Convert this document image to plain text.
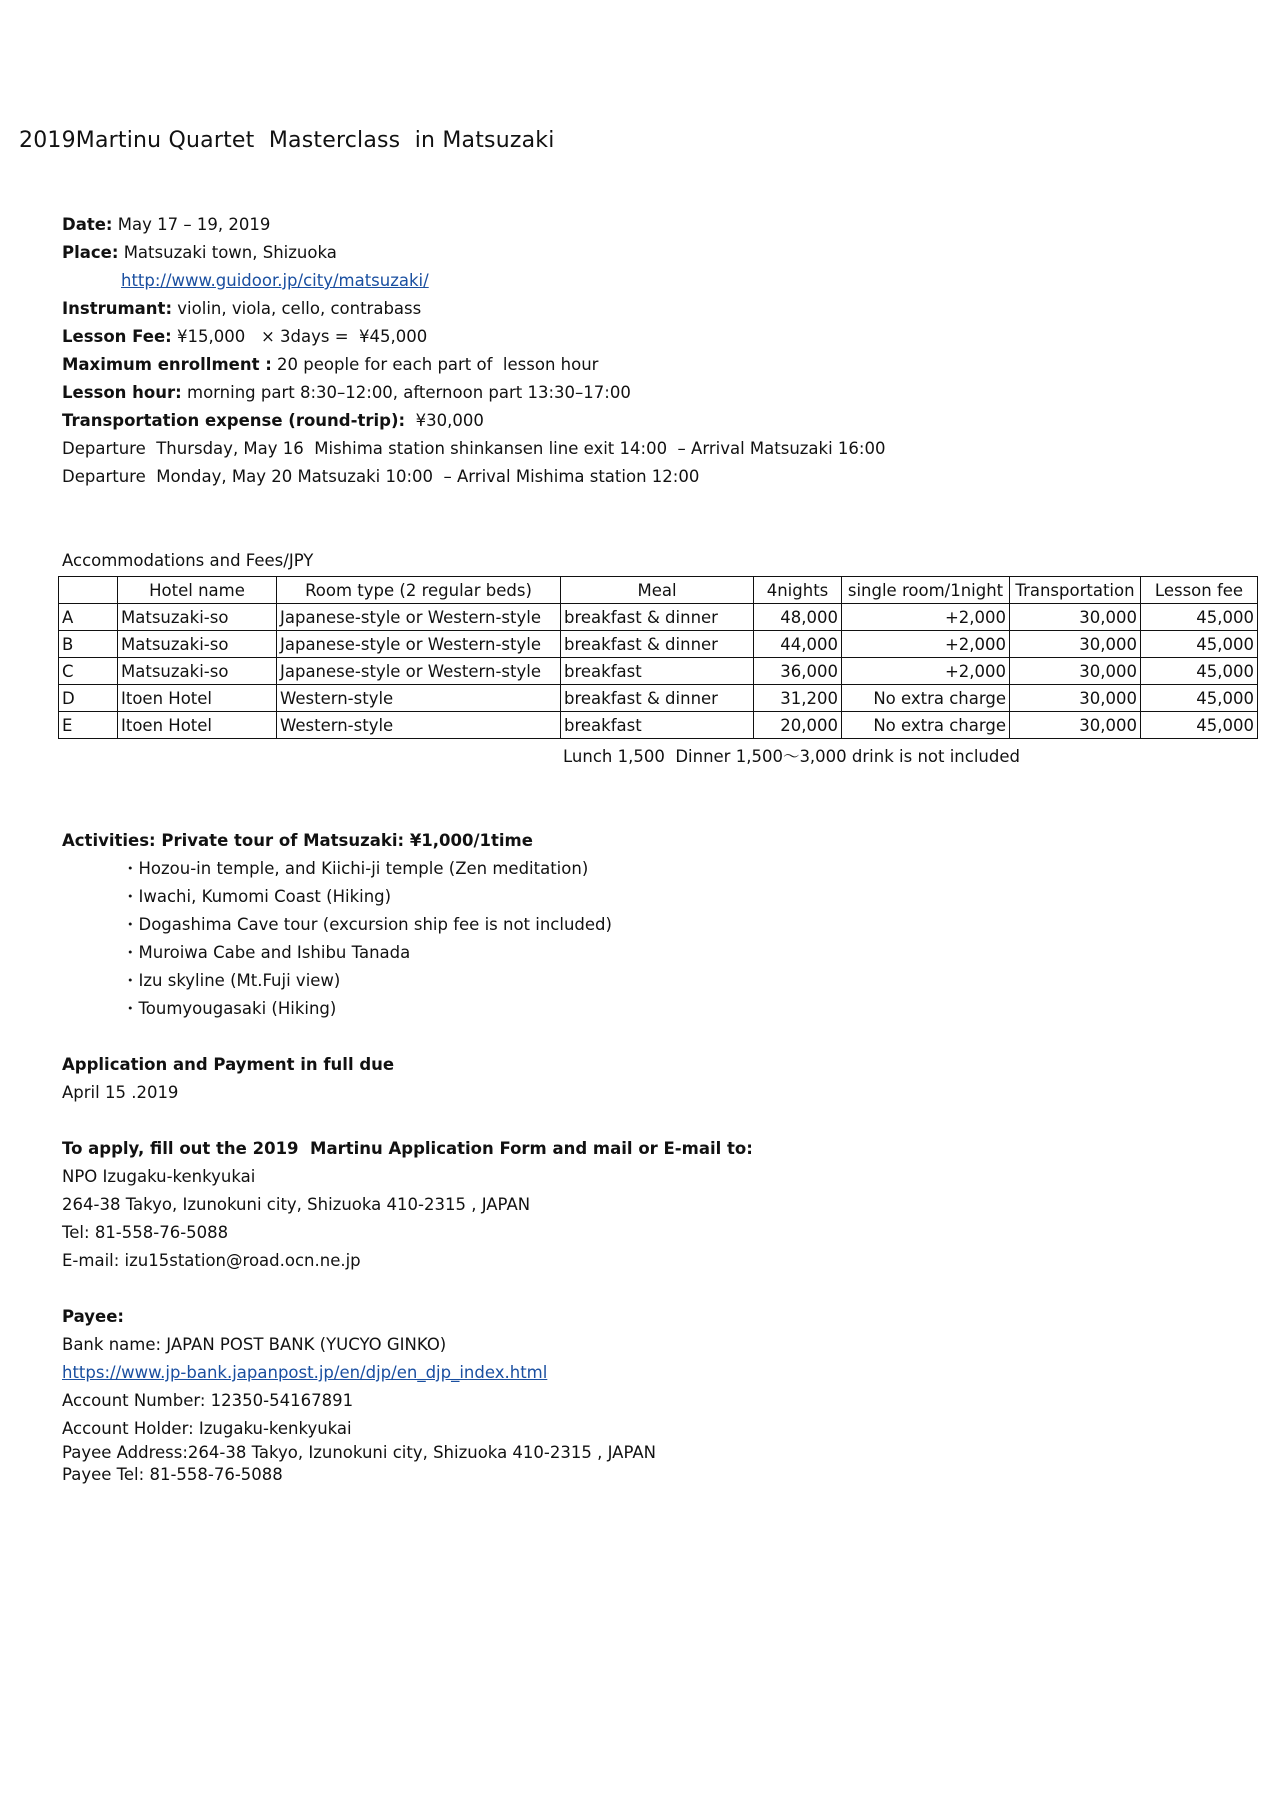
2019Martinu Quartet  Masterclass  in Matsuzaki
Date: May 17 – 19, 2019
Place: Matsuzaki town, Shizuoka
http://www.guidoor.jp/city/matsuzaki/
Instrumant: violin, viola, cello, contrabass
Lesson Fee: ¥15,000   × 3days =  ¥45,000
Maximum enrollment : 20 people for each part of  lesson hour
Lesson hour: morning part 8:30–12:00, afternoon part 13:30–17:00
Transportation expense (round-trip):  ¥30,000
Departure  Thursday, May 16  Mishima station shinkansen line exit 14:00  – Arrival Matsuzaki 16:00
Departure  Monday, May 20 Matsuzaki 10:00  – Arrival Mishima station 12:00
Accommodations and Fees/JPY
	Hotel name	Room type (2 regular beds)	Meal	4nights	single room/1night	Transportation	Lesson fee
A	Matsuzaki-so	Japanese-style or Western-style	breakfast & dinner	48,000	+2,000	30,000	45,000
B	Matsuzaki-so	Japanese-style or Western-style	breakfast & dinner	44,000	+2,000	30,000	45,000
C	Matsuzaki-so	Japanese-style or Western-style	breakfast	36,000	+2,000	30,000	45,000
D	Itoen Hotel	Western-style	breakfast & dinner	31,200	No extra charge	30,000	45,000
E	Itoen Hotel	Western-style	breakfast	20,000	No extra charge	30,000	45,000
Lunch 1,500  Dinner 1,500〜3,000 drink is not included
Activities: Private tour of Matsuzaki: ¥1,000/1time
・Hozou-in temple, and Kiichi-ji temple (Zen meditation)
・Iwachi, Kumomi Coast (Hiking)
・Dogashima Cave tour (excursion ship fee is not included)
・Muroiwa Cabe and Ishibu Tanada
・Izu skyline (Mt.Fuji view)
・Toumyougasaki (Hiking)
Application and Payment in full due
April 15 .2019
To apply, fill out the 2019  Martinu Application Form and mail or E-mail to:
NPO Izugaku-kenkyukai
264-38 Takyo, Izunokuni city, Shizuoka 410-2315 , JAPAN
Tel: 81-558-76-5088
E-mail: izu15station@road.ocn.ne.jp
Payee:
Bank name: JAPAN POST BANK (YUCYO GINKO)
https://www.jp-bank.japanpost.jp/en/djp/en_djp_index.html
Account Number: 12350-54167891
Account Holder: Izugaku-kenkyukai
Payee Address:264-38 Takyo, Izunokuni city, Shizuoka 410-2315 , JAPAN
Payee Tel: 81-558-76-5088
